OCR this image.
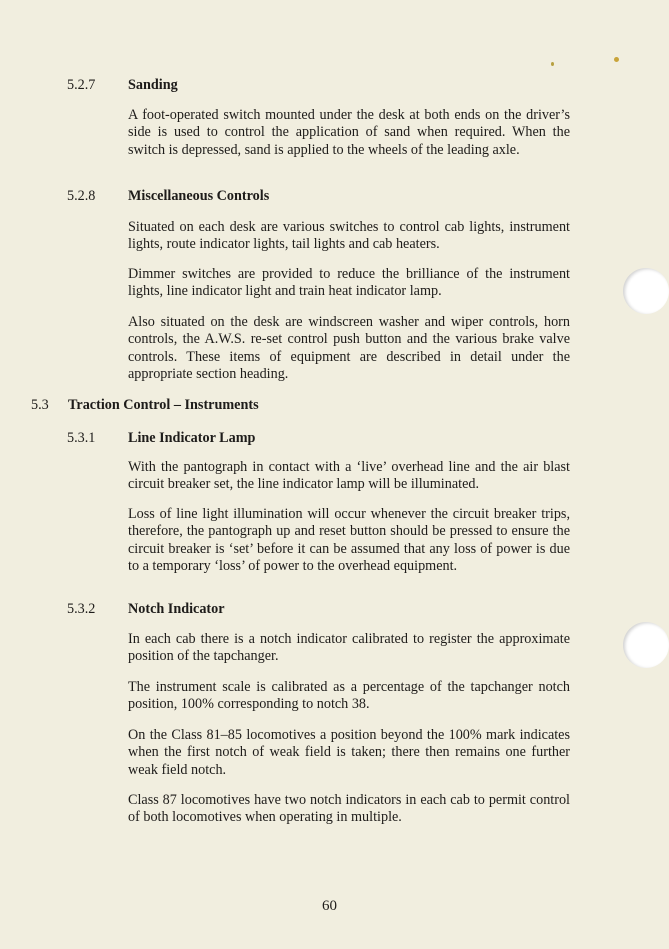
5.2.7 Sanding

A foot-operated switch mounted under the desk at both ends on the driver’s side is used to control the application of sand when required. When the switch is depressed, sand is applied to the wheels of the leading axle.

5.2.8 Miscellaneous Controls

Situated on each desk are various switches to control cab lights, instrument lights, route indicator lights, tail lights and cab heaters.

Dimmer switches are provided to reduce the brilliance of the instrument lights, line indicator light and train heat indicator lamp.

Also situated on the desk are windscreen washer and wiper controls, horn controls, the A.W.S. re-set control push button and the various brake valve controls. These items of equipment are described in detail under the appropriate section heading.

5.3 Traction Control – Instruments
5.3.1 Line Indicator Lamp

With the pantograph in contact with a ‘live’ overhead line and the air blast circuit breaker set, the line indicator lamp will be illuminated.

Loss of line light illumination will occur whenever the circuit breaker trips, therefore, the pantograph up and reset button should be pressed to ensure the circuit breaker is ‘set’ before it can be assumed that any loss of power is due to a temporary ‘loss’ of power to the overhead equipment.

5.3.2 Notch Indicator

In each cab there is a notch indicator calibrated to register the approximate position of the tapchanger.

The instrument scale is calibrated as a percentage of the tapchanger notch position, 100% corresponding to notch 38.

On the Class 81–85 locomotives a position beyond the 100% mark indicates when the first notch of weak field is taken; there then remains one further weak field notch.

Class 87 locomotives have two notch indicators in each cab to permit control of both locomotives when operating in multiple.

60
